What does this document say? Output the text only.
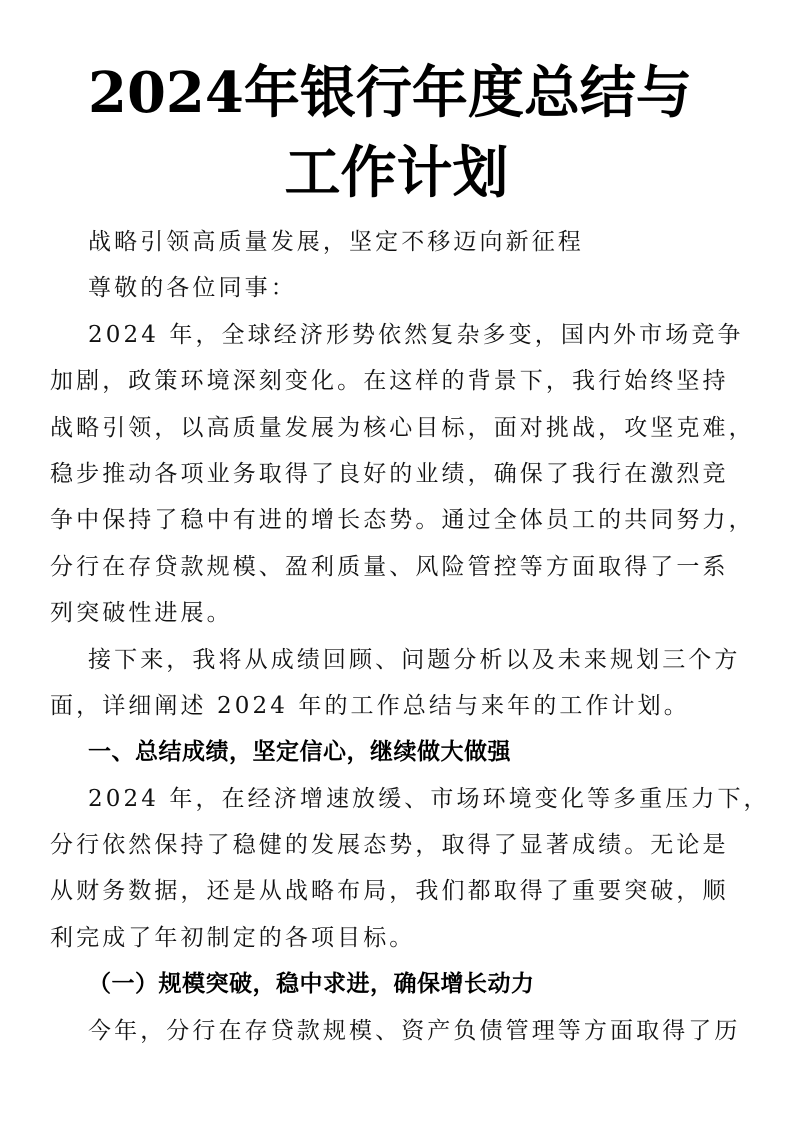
2024年银行年度总结与
工作计划
战略引领高质量发展，坚定不移迈向新征程
尊敬的各位同事：
2024 年，全球经济形势依然复杂多变，国内外市场竞争
加剧，政策环境深刻变化。在这样的背景下，我行始终坚持
战略引领，以高质量发展为核心目标，面对挑战，攻坚克难，
稳步推动各项业务取得了良好的业绩，确保了我行在激烈竞
争中保持了稳中有进的增长态势。通过全体员工的共同努力，
分行在存贷款规模、盈利质量、风险管控等方面取得了一系
列突破性进展。
接下来，我将从成绩回顾、问题分析以及未来规划三个方
面，详细阐述 2024 年的工作总结与来年的工作计划。
一、总结成绩，坚定信心，继续做大做强
2024 年，在经济增速放缓、市场环境变化等多重压力下，
分行依然保持了稳健的发展态势，取得了显著成绩。无论是
从财务数据，还是从战略布局，我们都取得了重要突破，顺
利完成了年初制定的各项目标。
（一）规模突破，稳中求进，确保增长动力
今年，分行在存贷款规模、资产负债管理等方面取得了历
